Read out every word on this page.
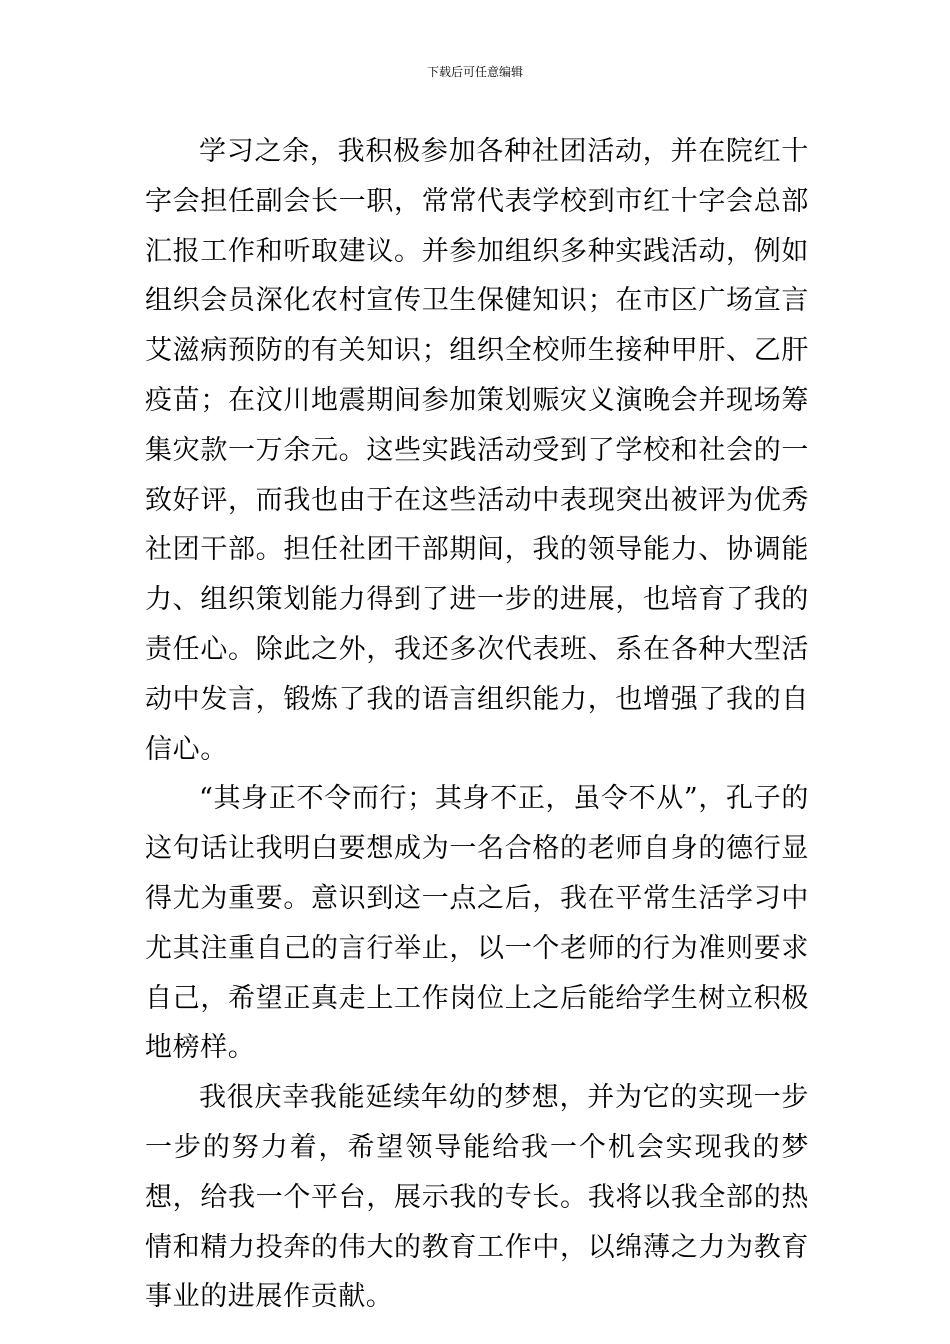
下载后可任意编辑

学习之余，我积极参加各种社团活动，并在院红十字会担任副会长一职，常常代表学校到市红十字会总部汇报工作和听取建议。并参加组织多种实践活动，例如组织会员深化农村宣传卫生保健知识；在市区广场宣言艾滋病预防的有关知识；组织全校师生接种甲肝、乙肝疫苗；在汶川地震期间参加策划赈灾义演晚会并现场筹集灾款一万余元。这些实践活动受到了学校和社会的一致好评，而我也由于在这些活动中表现突出被评为优秀社团干部。担任社团干部期间，我的领导能力、协调能力、组织策划能力得到了进一步的进展，也培育了我的责任心。除此之外，我还多次代表班、系在各种大型活动中发言，锻炼了我的语言组织能力，也增强了我的自信心。

“其身正不令而行；其身不正，虽令不从”，孔子的这句话让我明白要想成为一名合格的老师自身的德行显得尤为重要。意识到这一点之后，我在平常生活学习中尤其注重自己的言行举止，以一个老师的行为准则要求自己，希望正真走上工作岗位上之后能给学生树立积极地榜样。

我很庆幸我能延续年幼的梦想，并为它的实现一步一步的努力着，希望领导能给我一个机会实现我的梦想，给我一个平台，展示我的专长。我将以我全部的热情和精力投奔的伟大的教育工作中，以绵薄之力为教育事业的进展作贡献。
